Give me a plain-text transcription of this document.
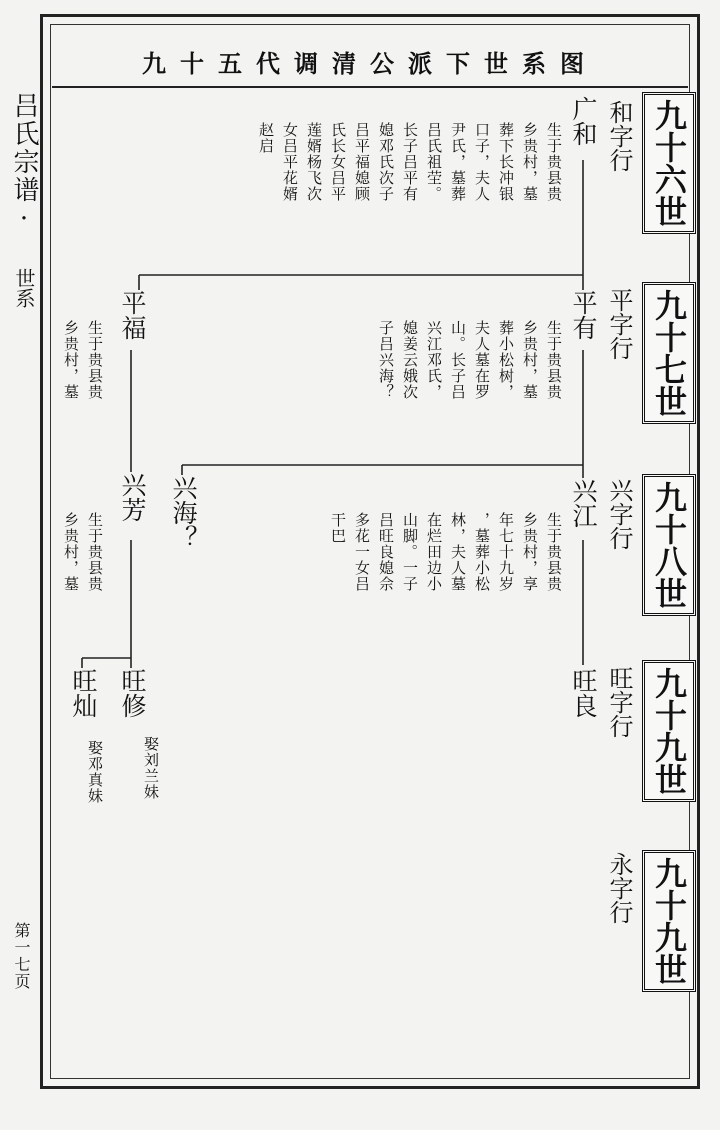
九十五代调清公派下世系图
吕氏宗谱·
世系
第一七页
九十六世
和字行
九十七世
平字行
九十八世
兴字行
九十九世
旺字行
九十九世
永字行
广和
生于贵县贵
乡贵村，墓
葬下长冲银
口子，夫人
尹氏，墓葬
吕氏祖茔。
长子吕平有
媳邓氏次子
吕平福媳顾
氏长女吕平
莲婿杨飞次
女吕平花婿
赵启
平有
生于贵县贵
乡贵村，墓
葬小松树，
夫人墓在罗
山。长子吕
兴江邓氏，
媳姜云娥次
子吕兴海？
平福
生于贵县贵
乡贵村，墓
兴江
生于贵县贵
乡贵村，享
年七十九岁
，墓葬小松
林，夫人墓
在烂田边小
山脚。一子
吕旺良媳佘
多花一女吕
干巴
兴海？
兴芳
生于贵县贵
乡贵村，墓
旺良
旺修
娶刘兰妹
旺灿
娶邓真妹
